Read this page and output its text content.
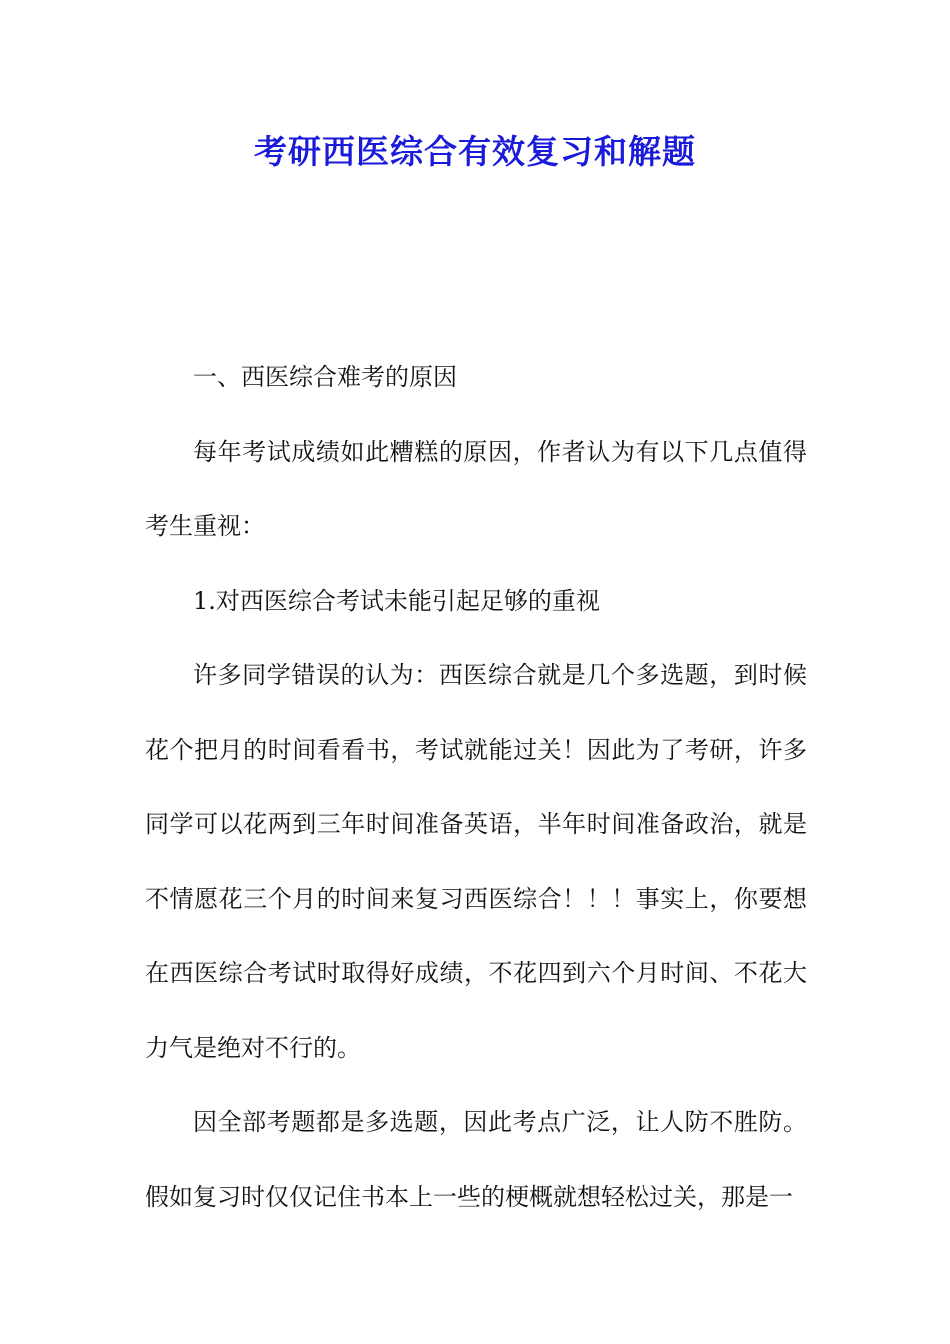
考研西医综合有效复习和解题

一、西医综合难考的原因

每年考试成绩如此糟糕的原因，作者认为有以下几点值得考生重视：

1.对西医综合考试未能引起足够的重视

许多同学错误的认为：西医综合就是几个多选题，到时候花个把月的时间看看书，考试就能过关！因此为了考研，许多同学可以花两到三年时间准备英语，半年时间准备政治，就是不情愿花三个月的时间来复习西医综合！！！事实上，你要想在西医综合考试时取得好成绩，不花四到六个月时间、不花大力气是绝对不行的。

因全部考题都是多选题，因此考点广泛，让人防不胜防。假如复习时仅仅记住书本上一些的梗概就想轻松过关，那是一
